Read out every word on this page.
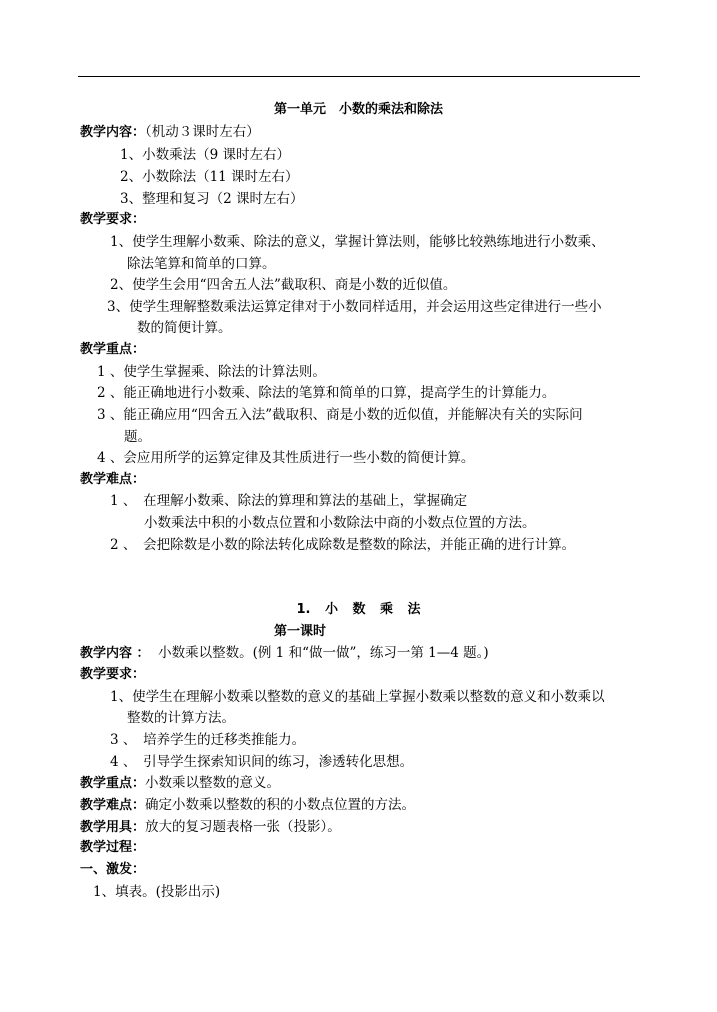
第一单元　小数的乘法和除法
教学内容：（机动３课时左右）
1、小数乘法（9 课时左右）
2、小数除法（11 课时左右）
3、整理和复习（2 课时左右）
教学要求：
1、使学生理解小数乘、除法的意义，掌握计算法则，能够比较熟练地进行小数乘、
除法笔算和简单的口算。
2、使学生会用“四舍五人法”截取积、商是小数的近似值。
3、使学生理解整数乘法运算定律对于小数同样适用，并会运用这些定律进行一些小
数的简便计算。
教学重点：
1 、使学生掌握乘、除法的计算法则。
2 、能正确地进行小数乘、除法的笔算和简单的口算，提高学生的计算能力。
3 、能正确应用“四舍五入法”截取积、商是小数的近似值，并能解决有关的实际问
题。
4 、会应用所学的运算定律及其性质进行一些小数的简便计算。
教学难点：
1 、　在理解小数乘、除法的算理和算法的基础上，掌握确定
小数乘法中积的小数点位置和小数除法中商的小数点位置的方法。
2 、　会把除数是小数的除法转化成除数是整数的除法，并能正确的进行计算。
1. 小 数 乘 法
第一课时
教学内容 ： 小数乘以整数。(例 1 和“做一做”，练习一第 1—4 题。)
教学要求：
1、使学生在理解小数乘以整数的意义的基础上掌握小数乘以整数的意义和小数乘以
整数的计算方法。
3 、　培养学生的迁移类推能力。
4 、　引导学生探索知识间的练习，渗透转化思想。
教学重点：小数乘以整数的意义。
教学难点：确定小数乘以整数的积的小数点位置的方法。
教学用具：放大的复习题表格一张（投影）。
教学过程：
一、激发：
1、填表。(投影出示)
